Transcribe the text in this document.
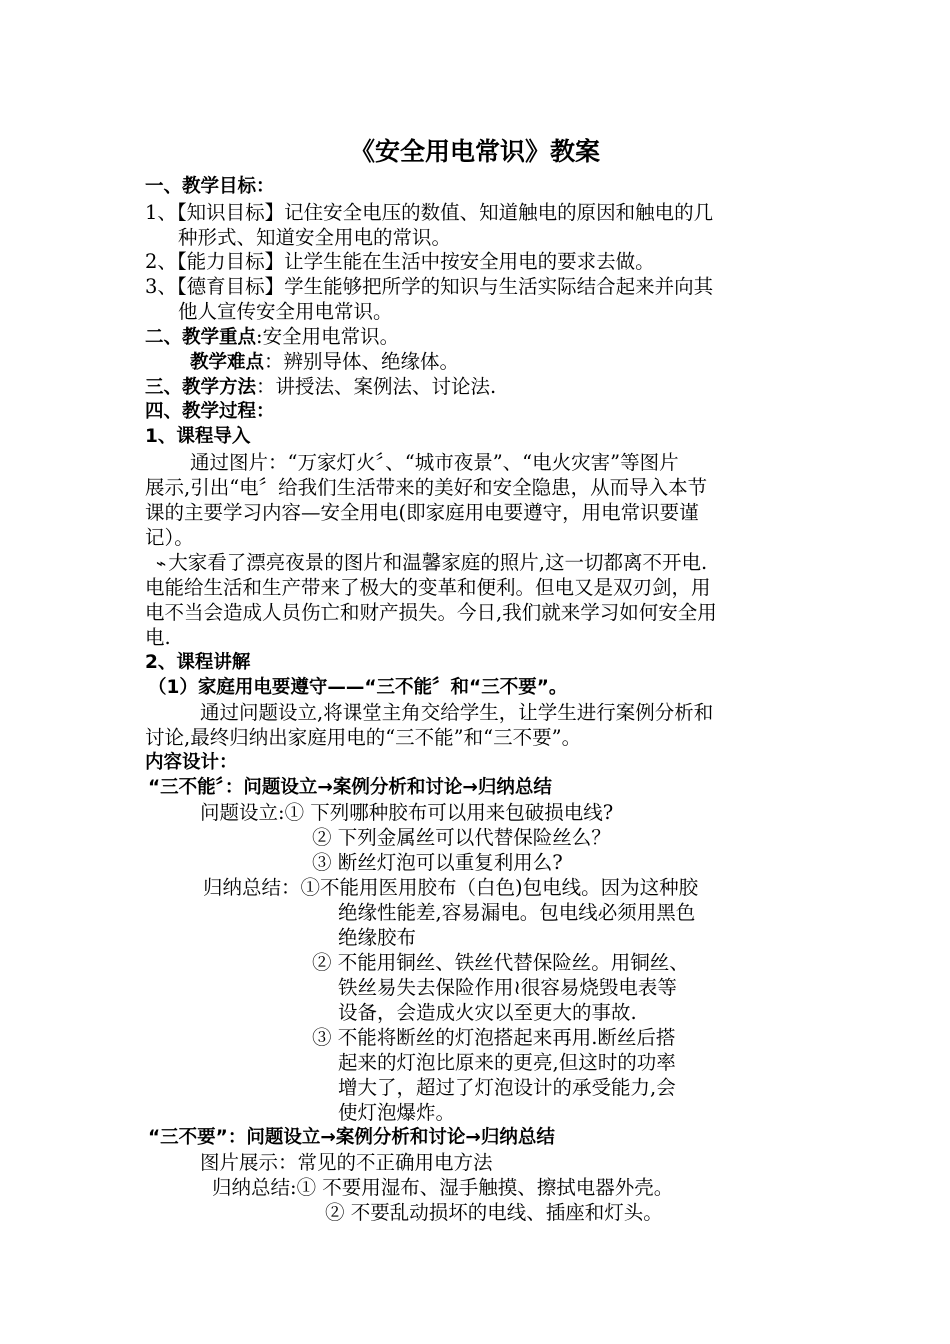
《安全用电常识》教案
一、教学目标：
1、【知识目标】记住安全电压的数值、知道触电的原因和触电的几
种形式、知道安全用电的常识。
2、【能力目标】让学生能在生活中按安全用电的要求去做。
3、【德育目标】学生能够把所学的知识与生活实际结合起来并向其
他人宣传安全用电常识。
二、教学重点:安全用电常识。
教学难点：辨别导体、绝缘体。
三、教学方法：讲授法、案例法、讨论法.
四、教学过程：
1、课程导入
通过图片：“万家灯火〞、“城市夜景”、“电火灾害”等图片
展示,引出“电〞给我们生活带来的美好和安全隐患，从而导入本节
课的主要学习内容—安全用电(即家庭用电要遵守，用电常识要谨
记）。
⌁ 大家看了漂亮夜景的图片和温馨家庭的照片,这一切都离不开电.
电能给生活和生产带来了极大的变革和便利。但电又是双刃剑，用
电不当会造成人员伤亡和财产损失。今日,我们就来学习如何安全用
电.
2、课程讲解
（1）家庭用电要遵守——“三不能〞和“三不要”。
通过问题设立,将课堂主角交给学生，让学生进行案例分析和
讨论,最终归纳出家庭用电的“三不能”和“三不要”。
内容设计：
“三不能〞：问题设立→案例分析和讨论→归纳总结
问题设立:① 下列哪种胶布可以用来包破损电线?
② 下列金属丝可以代替保险丝么？
③ 断丝灯泡可以重复利用么?
归纳总结：①不能用医用胶布（白色)包电线。因为这种胶
绝缘性能差,容易漏电。包电线必须用黑色
绝缘胶布
② 不能用铜丝、铁丝代替保险丝。用铜丝、
铁丝易失去保险作用≀很容易烧毁电表等
设备，会造成火灾以至更大的事故.
③ 不能将断丝的灯泡搭起来再用.断丝后搭
起来的灯泡比原来的更亮,但这时的功率
增大了，超过了灯泡设计的承受能力,会
使灯泡爆炸。
“三不要”：问题设立→案例分析和讨论→归纳总结
图片展示：常见的不正确用电方法
归纳总结:① 不要用湿布、湿手触摸、擦拭电器外壳。
② 不要乱动损坏的电线、插座和灯头。
